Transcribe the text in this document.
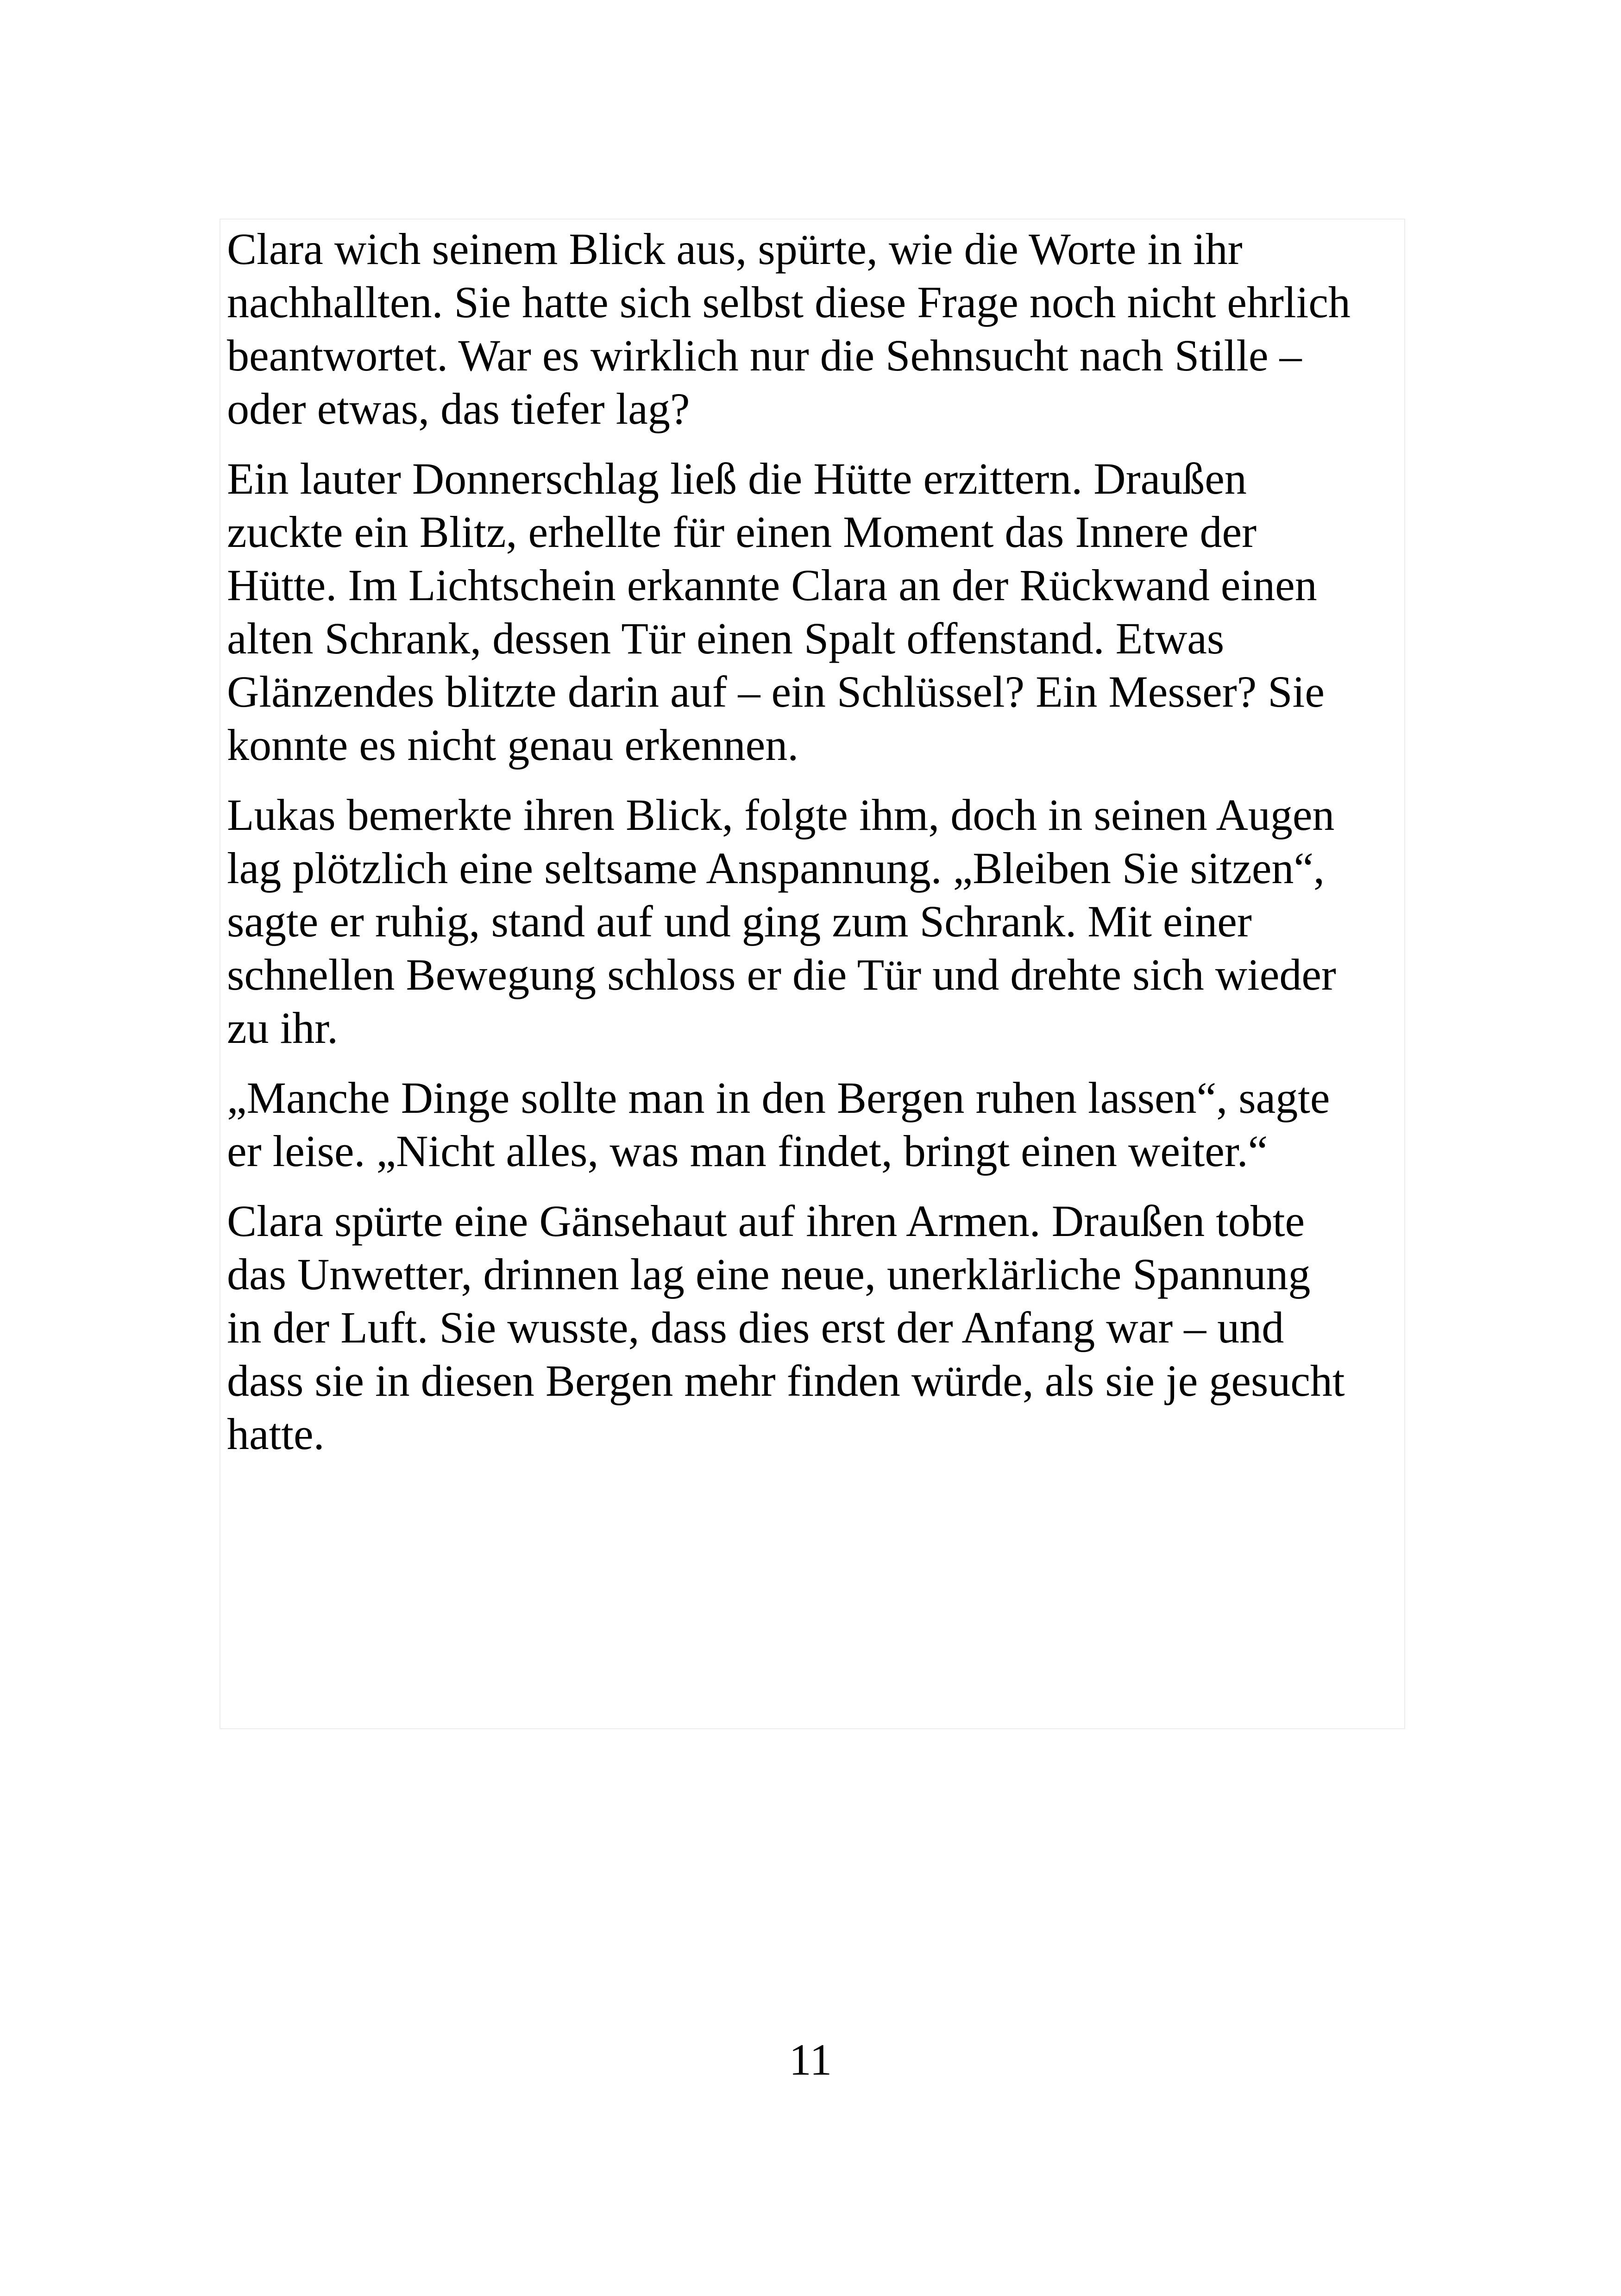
Clara wich seinem Blick aus, spürte, wie die Worte in ihr
nachhallten. Sie hatte sich selbst diese Frage noch nicht ehrlich
beantwortet. War es wirklich nur die Sehnsucht nach Stille –
oder etwas, das tiefer lag?

Ein lauter Donnerschlag ließ die Hütte erzittern. Draußen
zuckte ein Blitz, erhellte für einen Moment das Innere der
Hütte. Im Lichtschein erkannte Clara an der Rückwand einen
alten Schrank, dessen Tür einen Spalt offenstand. Etwas
Glänzendes blitzte darin auf – ein Schlüssel? Ein Messer? Sie
konnte es nicht genau erkennen.

Lukas bemerkte ihren Blick, folgte ihm, doch in seinen Augen
lag plötzlich eine seltsame Anspannung. „Bleiben Sie sitzen“,
sagte er ruhig, stand auf und ging zum Schrank. Mit einer
schnellen Bewegung schloss er die Tür und drehte sich wieder
zu ihr.

„Manche Dinge sollte man in den Bergen ruhen lassen“, sagte
er leise. „Nicht alles, was man findet, bringt einen weiter.“

Clara spürte eine Gänsehaut auf ihren Armen. Draußen tobte
das Unwetter, drinnen lag eine neue, unerklärliche Spannung
in der Luft. Sie wusste, dass dies erst der Anfang war – und
dass sie in diesen Bergen mehr finden würde, als sie je gesucht
hatte.

11
